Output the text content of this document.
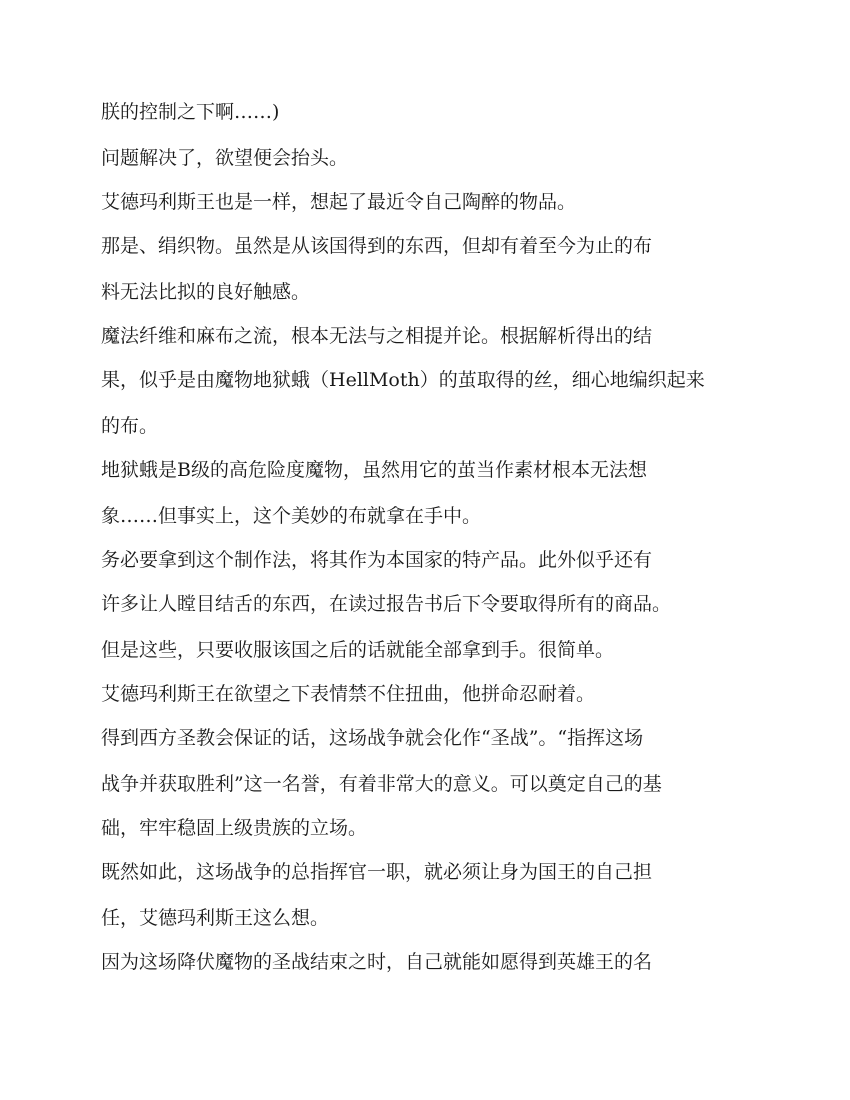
朕的控制之下啊……)

问题解决了，欲望便会抬头。

艾德玛利斯王也是一样，想起了最近令自己陶醉的物品。

那是、绢织物。虽然是从该国得到的东西，但却有着至今为止的布

料无法比拟的良好触感。

魔法纤维和麻布之流，根本无法与之相提并论。根据解析得出的结

果，似乎是由魔物地狱蛾（HellMoth）的茧取得的丝，细心地编织起来

的布。

地狱蛾是B级的高危险度魔物，虽然用它的茧当作素材根本无法想

象……但事实上，这个美妙的布就拿在手中。

务必要拿到这个制作法，将其作为本国家的特产品。此外似乎还有

许多让人瞠目结舌的东西，在读过报告书后下令要取得所有的商品。

但是这些，只要收服该国之后的话就能全部拿到手。很简单。

艾德玛利斯王在欲望之下表情禁不住扭曲，他拼命忍耐着。

得到西方圣教会保证的话，这场战争就会化作“圣战”。“指挥这场

战争并获取胜利”这一名誉，有着非常大的意义。可以奠定自己的基

础，牢牢稳固上级贵族的立场。

既然如此，这场战争的总指挥官一职，就必须让身为国王的自己担

任，艾德玛利斯王这么想。

因为这场降伏魔物的圣战结束之时，自己就能如愿得到英雄王的名
